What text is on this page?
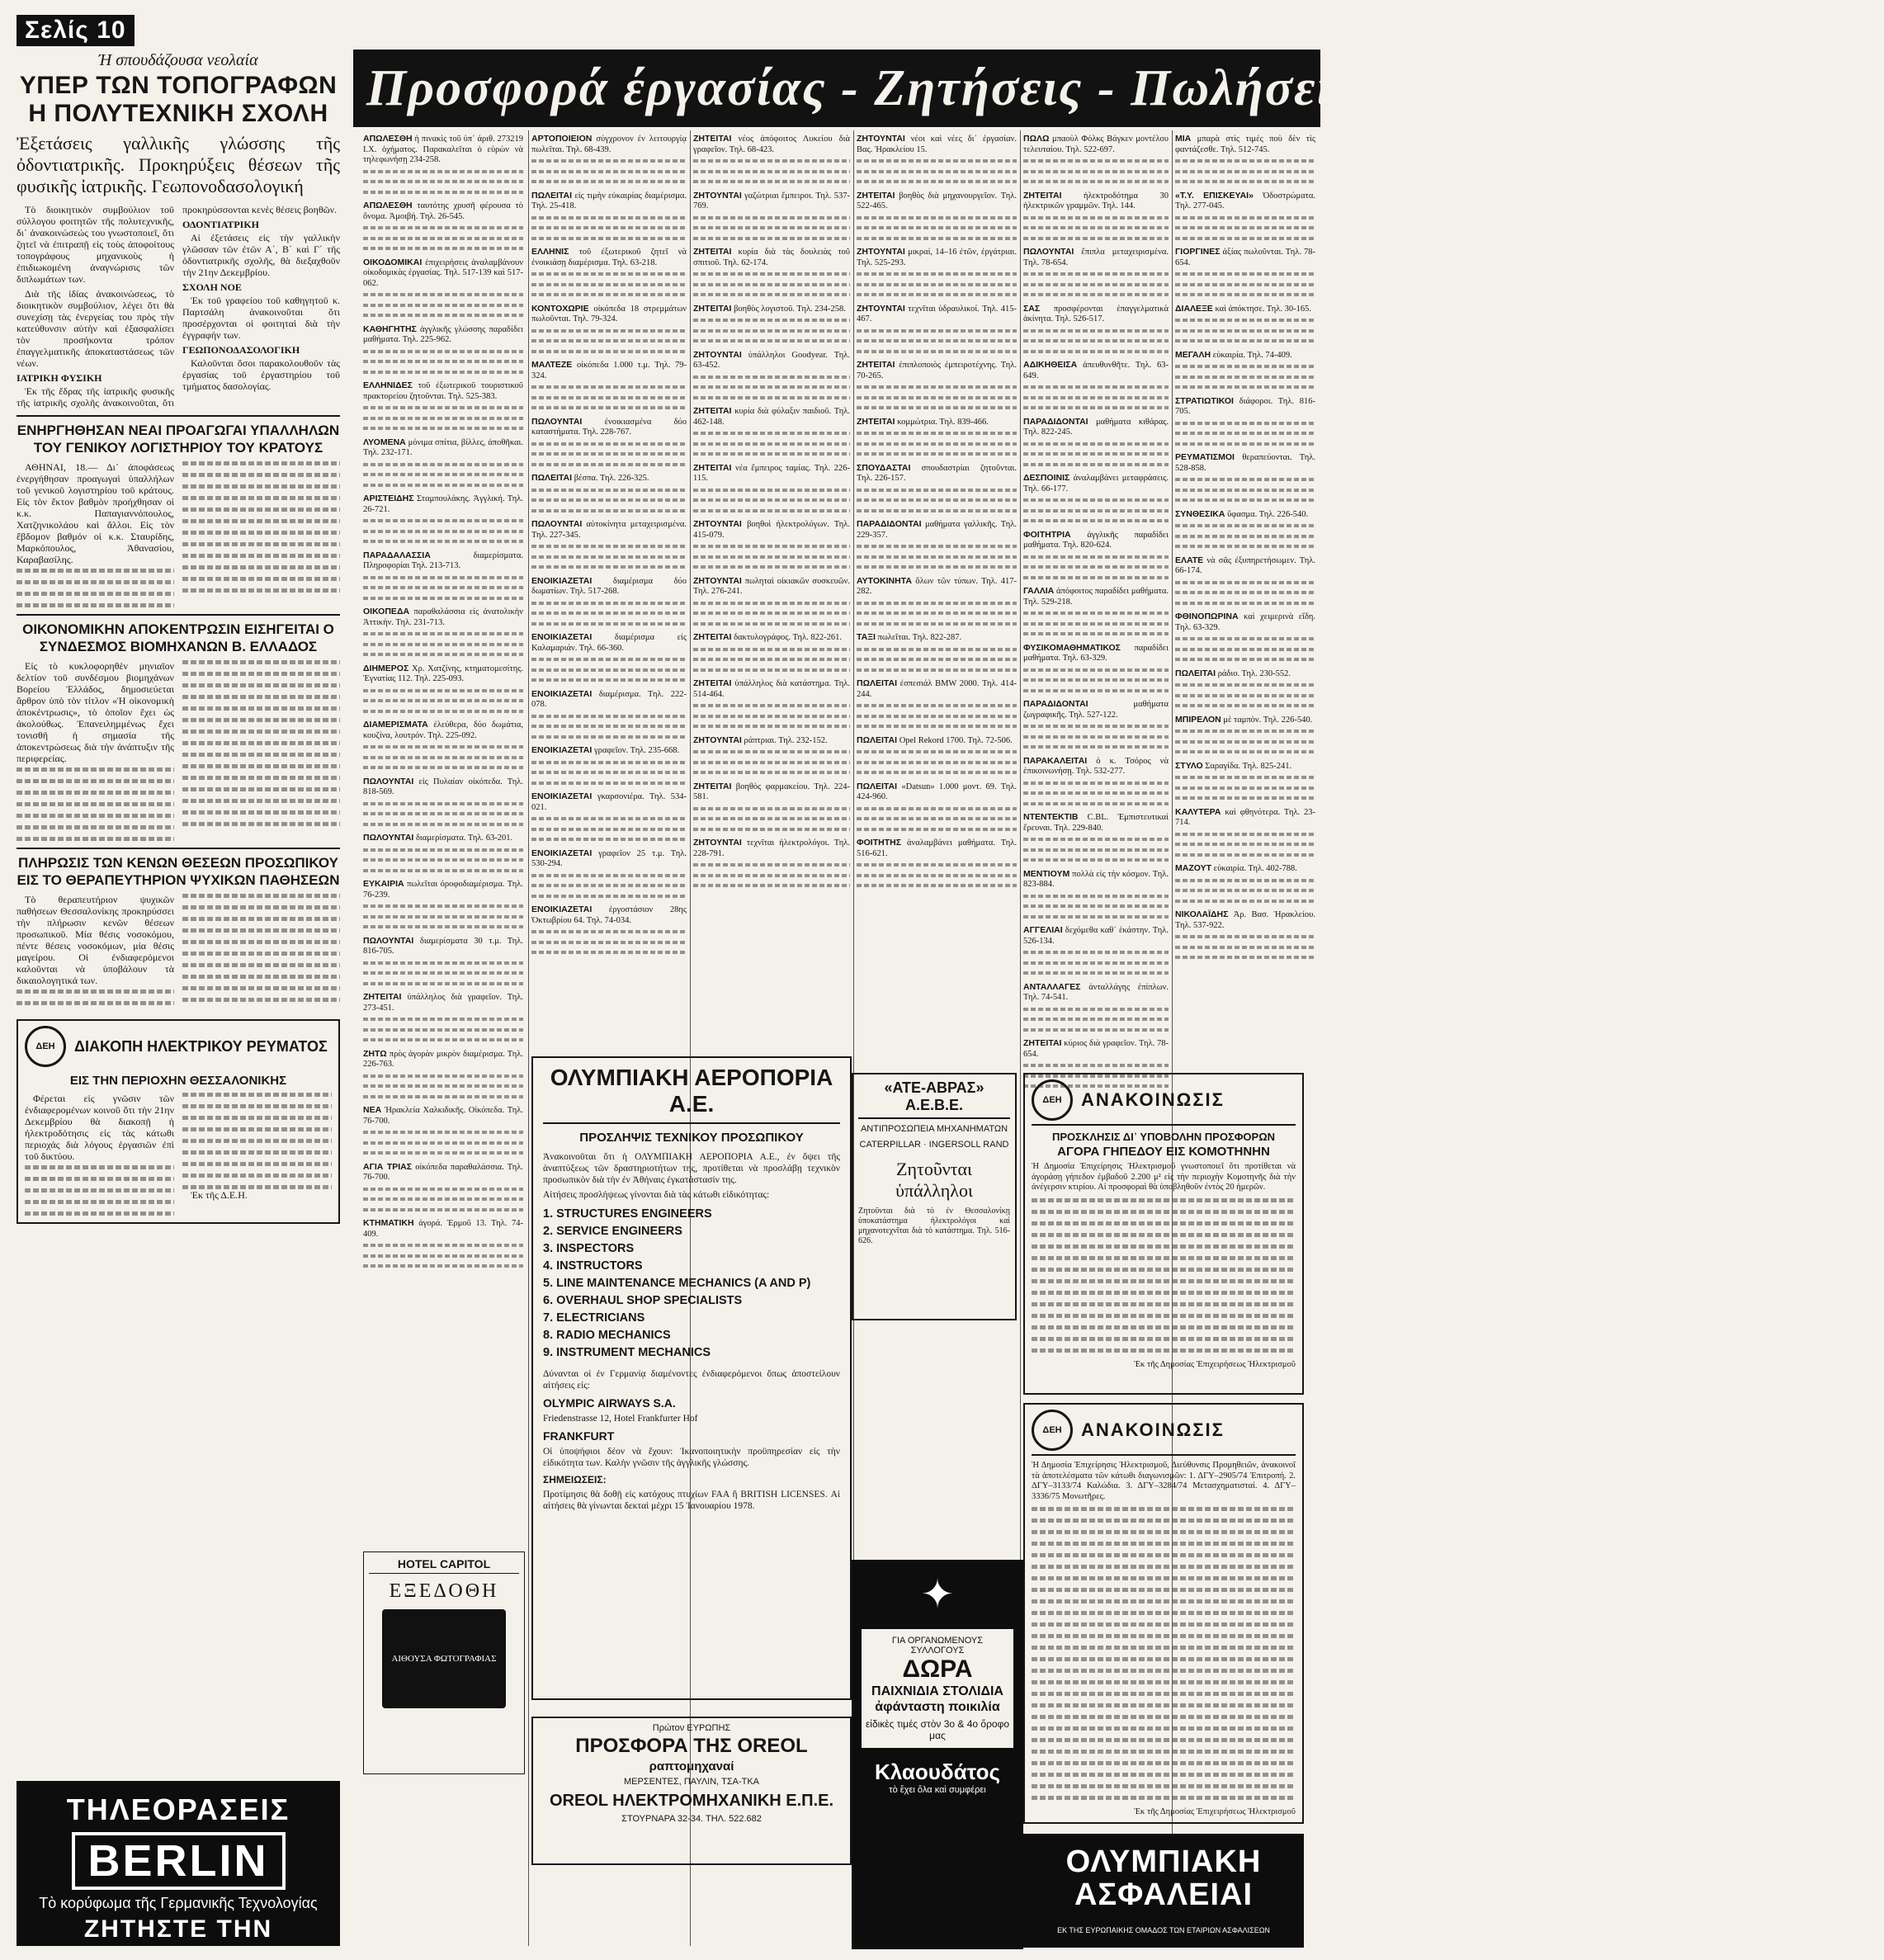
Σελίς 10
Ή σπουδάζουσα νεολαία
ΥΠΕΡ ΤΩΝ ΤΟΠΟΓΡΑΦΩΝ Η ΠΟΛΥΤΕΧΝΙΚΗ ΣΧΟΛΗ
Ἐξετάσεις γαλλικῆς γλώσσης τῆς ὀδοντιατρικῆς. Προκηρύξεις θέσεων τῆς φυσικῆς ἰατρικῆς. Γεωπονοδασολογική

Τὸ διοικητικὸν συμβούλιον τοῦ σύλλογου φοιτητῶν τῆς πολυτεχνικῆς, δι᾽ ἀνακοινώσεώς του γνωστοποιεῖ, ὅτι ζητεῖ νὰ ἐπιτραπῇ εἰς τοὺς ἀποφοίτους τοπογράφους μηχανικοὺς ἡ ἐπιδιωκομένη ἀναγνώρισις τῶν διπλωμάτων των.

Διὰ τῆς ἰδίας ἀνακοινώσεως, τὸ διοικητικὸν συμβούλιον, λέγει ὅτι θὰ συνεχίσῃ τὰς ἐνεργείας του πρὸς τὴν κατεύθυνσιν αὐτὴν καὶ ἐξασφαλίσει τὸν προσήκοντα τρόπον ἐπαγγελματικῆς ἀποκαταστάσεως τῶν νέων.

ΙΑΤΡΙΚΗ ΦΥΣΙΚΗ

Ἐκ τῆς ἕδρας τῆς ἰατρικῆς φυσικῆς τῆς ἰατρικῆς σχολῆς ἀνακοινοῦται, ὅτι προκηρύσσονται κενὲς θέσεις βοηθῶν.

ΟΔΟΝΤΙΑΤΡΙΚΗ

Αἱ ἐξετάσεις εἰς τὴν γαλλικὴν γλῶσσαν τῶν ἐτῶν Α΄, Β΄ καὶ Γ΄ τῆς ὀδοντιατρικῆς σχολῆς, θὰ διεξαχθοῦν τὴν 21ην Δεκεμβρίου.

ΣΧΟΛΗ ΝΟΕ

Ἐκ τοῦ γραφείου τοῦ καθηγητοῦ κ. Παρτσάλη ἀνακοινοῦται ὅτι προσέρχονται οἱ φοιτηταὶ διὰ τὴν ἐγγραφήν των.

ΓΕΩΠΟΝΟΔΑΣΟΛΟΓΙΚΗ

Καλοῦνται ὅσοι παρακολουθοῦν τὰς ἐργασίας τοῦ ἐργαστηρίου τοῦ τμήματος δασολογίας.

ΕΝΗΡΓΗΘΗΣΑΝ ΝΕΑΙ ΠΡΟΑΓΩΓΑΙ ΥΠΑΛΛΗΛΩΝ ΤΟΥ ΓΕΝΙΚΟΥ ΛΟΓΙΣΤΗΡΙΟΥ ΤΟΥ ΚΡΑΤΟΥΣ

ΑΘΗΝΑΙ, 18.— Δι᾽ ἀποφάσεως ἐνεργήθησαν προαγωγαὶ ὑπαλλήλων τοῦ γενικοῦ λογιστηρίου τοῦ κράτους. Εἰς τὸν ἕκτον βαθμὸν προήχθησαν οἱ κ.κ. Παπαγιαννόπουλος, Χατζηνικολάου καὶ ἄλλοι. Εἰς τὸν ἕβδομον βαθμόν οἱ κ.κ. Σταυρίδης, Μαρκόπουλος, Ἀθανασίου, Καραβασίλης.

ΟΙΚΟΝΟΜΙΚΗΝ ΑΠΟΚΕΝΤΡΩΣΙΝ ΕΙΣΗΓΕΙΤΑΙ Ο ΣΥΝΔΕΣΜΟΣ ΒΙΟΜΗΧΑΝΩΝ Β. ΕΛΛΑΔΟΣ

Εἰς τὸ κυκλοφορηθὲν μηνιαῖον δελτίον τοῦ συνδέσμου βιομηχάνων Βορείου Ἑλλάδος, δημοσιεύεται ἄρθρον ὑπὸ τὸν τίτλον «Ἡ οἰκονομικὴ ἀποκέντρωσις», τὸ ὁποῖον ἔχει ὡς ἀκολούθως. Ἐπανειλημμένως ἔχει τονισθῆ ἡ σημασία τῆς ἀποκεντρώσεως διὰ τὴν ἀνάπτυξιν τῆς περιφερείας.

ΠΛΗΡΩΣΙΣ ΤΩΝ ΚΕΝΩΝ ΘΕΣΕΩΝ ΠΡΟΣΩΠΙΚΟΥ ΕΙΣ ΤΟ ΘΕΡΑΠΕΥΤΗΡΙΟΝ ΨΥΧΙΚΩΝ ΠΑΘΗΣΕΩΝ

Τὸ θεραπευτήριον ψυχικῶν παθήσεων Θεσσαλονίκης προκηρύσσει τὴν πλήρωσιν κενῶν θέσεων προσωπικοῦ. Μία θέσις νοσοκόμου, πέντε θέσεις νοσοκόμων, μία θέσις μαγείρου. Οἱ ἐνδιαφερόμενοι καλοῦνται νὰ ὑποβάλουν τὰ δικαιολογητικά των.

ΔΕΗ	ΔΙΑΚΟΠΗ ΗΛΕΚΤΡΙΚΟΥ ΡΕΥΜΑΤΟΣ
ΕΙΣ ΤΗΝ ΠΕΡΙΟΧΗΝ ΘΕΣΣΑΛΟΝΙΚΗΣ

Φέρεται εἰς γνῶσιν τῶν ἐνδιαφερομένων κοινοῦ ὅτι τὴν 21ην Δεκεμβρίου θὰ διακοπῇ ἡ ἠλεκτροδότησις εἰς τὰς κάτωθι περιοχάς διὰ λόγους ἐργασιῶν ἐπὶ τοῦ δικτύου.

Ἐκ τῆς Δ.Ε.Η.

ΤΗΛΕΟΡΑΣΕΙΣ
BERLIN
Τὸ κορύφωμα τῆς Γερμανικῆς Τεχνολογίας
ΖΗΤΗΣΤΕ ΤΗΝ
Προσφορά έργασίας - Ζητήσεις - Πωλήσεις - Ένοικιάσεις - Αγοραί

ΑΠΩΛΕΣΘΗ ἡ πινακὶς τοῦ ὑπ᾽ ἀριθ. 273219 Ι.Χ. ὀχήματος. Παρακαλεῖται ὁ εὑρὼν νὰ τηλεφωνήσῃ 234-258.

ΑΠΩΛΕΣΘΗ ταυτότης χρυσῆ φέρουσα τὸ ὄνομα. Ἀμοιβή. Τηλ. 26-545.

ΟΙΚΟΔΟΜΙΚΑΙ ἐπιχειρήσεις ἀναλαμβάνουν οἰκοδομικὰς ἐργασίας. Τηλ. 517-139 καὶ 517-062.

ΚΑΘΗΓΗΤΗΣ ἀγγλικῆς γλώσσης παραδίδει μαθήματα. Τηλ. 225-962.

ΕΛΛΗΝΙΔΕΣ τοῦ ἐξωτερικοῦ τουριστικοῦ πρακτορείου ζητοῦνται. Τηλ. 525-383.

ΛΥΟΜΕΝΑ μόνιμα σπίτια, βίλλες, ἀποθῆκαι. Τηλ. 232-171.

ΑΡΙΣΤΕΙΔΗΣ Σταμπουλάκης. Ἀγγλική. Τηλ. 26-721.

ΠΑΡΑΔΑΛΑΣΣΙΑ	διαμερίσματα. Πληροφορίαι Τηλ. 213-713.

ΟΙΚΟΠΕΔΑ παραθαλάσσια εἰς ἀνατολικὴν Ἀττικήν. Τηλ. 231-713.

ΔΙΗΜΕΡΟΣ Χρ. Χατζίνης, κτηματομεσίτης. Ἐγνατίας 112. Τηλ. 225-093.

ΔΙΑΜΕΡΙΣΜΑΤΑ ἐλεύθερα, δύο δωμάτια, κουζίνα, λουτρόν. Τηλ. 225-092.

ΠΩΛΟΥΝΤΑΙ εἰς Πυλαίαν οἰκόπεδα. Τηλ. 818-569.

ΠΩΛΟΥΝΤΑΙ διαμερίσματα. Τηλ. 63-201.

ΕΥΚΑΙΡΙΑ πωλεῖται ὀροφοδιαμέρισμα. Τηλ. 76-239.

ΠΩΛΟΥΝΤΑΙ διαμερίσματα 30 τ.μ. Τηλ. 816-705.

ΖΗΤΕΙΤΑΙ ὑπάλληλος διὰ γραφεῖον. Τηλ. 273-451.

ΖΗΤΩ πρὸς ἀγορὰν μικρὸν διαμέρισμα. Τηλ. 226-763.

ΝΕΑ Ἡρακλεία Χαλκιδικῆς. Οἰκόπεδα. Τηλ. 76-700.

ΑΓΙΑ ΤΡΙΑΣ οἰκόπεδα παραθαλάσσια. Τηλ. 76-700.

ΚΤΗΜΑΤΙΚΗ ἀγορά. Ἑρμοῦ 13. Τηλ. 74-409.

ΑΡΤΟΠΟΙΕΙΟΝ σύγχρονον ἐν λειτουργίᾳ πωλεῖται. Τηλ. 68-439.

ΠΩΛΕΙΤΑΙ εἰς τιμὴν εὐκαιρίας διαμέρισμα. Τηλ. 25-418.

ΕΛΛΗΝΙΣ τοῦ ἐξωτερικοῦ ζητεῖ νὰ ἐνοικιάσῃ διαμέρισμα. Τηλ. 63-218.

ΚΟΝΤΟΧΩΡΙΕ οἰκόπεδα 18 στρεμμάτων πωλοῦνται. Τηλ. 79-324.

ΜΑΛΤΕΖΕ οἰκόπεδα 1.000 τ.μ. Τηλ. 79-324.

ΠΩΛΟΥΝΤΑΙ	ἐνοικιασμένα δύο καταστήματα. Τηλ. 228-767.

ΠΩΛΕΙΤΑΙ βέσπα. Τηλ. 226-325.

ΠΩΛΟΥΝΤΑΙ αὐτοκίνητα μεταχειρισμένα. Τηλ. 227-345.

ΕΝΟΙΚΙΑΖΕΤΑΙ διαμέρισμα δύο δωματίων. Τηλ. 517-268.

ΕΝΟΙΚΙΑΖΕΤΑΙ	διαμέρισμα εἰς Καλαμαριάν. Τηλ. 66-360.

ΕΝΟΙΚΙΑΖΕΤΑΙ διαμέρισμα. Τηλ. 222-078.

ΕΝΟΙΚΙΑΖΕΤΑΙ γραφεῖον. Τηλ. 235-668.

ΕΝΟΙΚΙΑΖΕΤΑΙ γκαρσονιέρα. Τηλ. 534-021.

ΕΝΟΙΚΙΑΖΕΤΑΙ γραφεῖον 25 τ.μ. Τηλ. 530-294.

ΕΝΟΙΚΙΑΖΕΤΑΙ ἐργοστάσιον 28ης Ὀκτωβρίου 64. Τηλ. 74-034.

ΖΗΤΕΙΤΑΙ νέος ἀπόφοιτος Λυκείου διὰ γραφεῖον. Τηλ. 68-423.

ΖΗΤΟΥΝΤΑΙ γαζώτριαι ἔμπειροι. Τηλ. 537-769.

ΖΗΤΕΙΤΑΙ κυρία διὰ τὰς δουλειὰς τοῦ σπιτιοῦ. Τηλ. 62-174.

ΖΗΤΕΙΤΑΙ βοηθὸς λογιστοῦ. Τηλ. 234-258.

ΖΗΤΟΥΝΤΑΙ ὑπάλληλοι Goodyear. Τηλ. 63-452.

ΖΗΤΕΙΤΑΙ κυρία διὰ φύλαξιν παιδιοῦ. Τηλ. 462-148.

ΖΗΤΕΙΤΑΙ νέα ἔμπειρος ταμίας. Τηλ. 226-115.

ΖΗΤΟΥΝΤΑΙ βοηθοὶ ἠλεκτρολόγων. Τηλ. 415-079.

ΖΗΤΟΥΝΤΑΙ πωληταὶ οἰκιακῶν συσκευῶν. Τηλ. 276-241.

ΖΗΤΕΙΤΑΙ δακτυλογράφος. Τηλ. 822-261.

ΖΗΤΕΙΤΑΙ ὑπάλληλος διὰ κατάστημα. Τηλ. 514-464.

ΖΗΤΟΥΝΤΑΙ ράπτριαι. Τηλ. 232-152.

ΖΗΤΕΙΤΑΙ βοηθὸς φαρμακείου. Τηλ. 224-581.

ΖΗΤΟΥΝΤΑΙ τεχνῖται ἠλεκτρολόγοι. Τηλ. 228-791.

ΖΗΤΟΥΝΤΑΙ νέοι καὶ νέες δι᾽ ἐργασίαν. Βας. Ἡρακλείου 15.

ΖΗΤΕΙΤΑΙ βοηθὸς διὰ μηχανουργεῖον. Τηλ. 522-465.

ΖΗΤΟΥΝΤΑΙ μικραί, 14–16 ἐτῶν, ἐργάτριαι. Τηλ. 525-293.

ΖΗΤΟΥΝΤΑΙ τεχνῖται ὑδραυλικοί. Τηλ. 415-467.

ΖΗΤΕΙΤΑΙ ἐπιπλοποιὸς ἐμπειροτέχνης. Τηλ. 70-265.

ΖΗΤΕΙΤΑΙ κομμώτρια. Τηλ. 839-466.

ΣΠΟΥΔΑΣΤΑΙ σπουδαστρίαι ζητοῦνται. Τηλ. 226-157.

ΠΑΡΑΔΙΔΟΝΤΑΙ μαθήματα γαλλικῆς. Τηλ. 229-357.

ΑΥΤΟΚΙΝΗΤΑ ὅλων τῶν τύπων. Τηλ. 417-282.

ΤΑΞΙ πωλεῖται. Τηλ. 822-287.

ΠΩΛΕΙΤΑΙ ἐσπεσιάλ BMW 2000. Τηλ. 414-244.

ΠΩΛΕΙΤΑΙ Opel Rekord 1700. Τηλ. 72-506.

ΠΩΛΕΙΤΑΙ «Datsun» 1.000 μοντ. 69. Τηλ. 424-960.

ΦΟΙΤΗΤΗΣ ἀναλαμβάνει μαθήματα. Τηλ. 516-621.

ΠΩΛΩ μπαοὺλ Φόλκς Βάγκεν μοντέλου τελευταίου. Τηλ. 522-697.

ΖΗΤΕΙΤΑΙ	ἠλεκτροδότημα 30 ἠλεκτρικῶν γραμμῶν. Τηλ. 144.

ΠΩΛΟΥΝΤΑΙ ἔπιπλα μεταχειρισμένα. Τηλ. 78-654.

ΣΑΣ προσφέρονται ἐπαγγελματικὰ ἀκίνητα. Τηλ. 526-517.

ΑΔΙΚΗΘΕΙΣΑ ἀπευθυνθῆτε. Τηλ. 63-649.

ΠΑΡΑΔΙΔΟΝΤΑΙ μαθήματα κιθάρας. Τηλ. 822-245.

ΔΕΣΠΟΙΝΙΣ ἀναλαμβάνει μεταφράσεις. Τηλ. 66-177.

ΦΟΙΤΗΤΡΙΑ ἀγγλικῆς παραδίδει μαθήματα. Τηλ. 820-624.

ΓΑΛΛΙΑ ἀπόφοιτος παραδίδει μαθήματα. Τηλ. 529-218.

ΦΥΣΙΚΟΜΑΘΗΜΑΤΙΚΟΣ παραδίδει μαθήματα. Τηλ. 63-329.

ΠΑΡΑΔΙΔΟΝΤΑΙ	μαθήματα ζωγραφικῆς. Τηλ. 527-122.

ΠΑΡΑΚΑΛΕΙΤΑΙ ὁ κ. Τσόρος νὰ ἐπικοινωνήσῃ. Τηλ. 532-277.

ΝΤΕΝΤΕΚΤΙΒ C.BL. Ἐμπιστευτικαὶ ἔρευναι. Τηλ. 229-840.

ΜΕΝΤΙΟΥΜ πολλὰ εἰς τὴν κόσμον. Τηλ. 823-884.

ΑΓΓΕΛΙΑΙ δεχόμεθα καθ᾽ ἑκάστην. Τηλ. 526-134.

ΑΝΤΑΛΛΑΓΕΣ ἀνταλλάγης ἐπίπλων. Τηλ. 74-541.

ΖΗΤΕΙΤΑΙ κύριος διὰ γραφεῖον. Τηλ. 78-654.

ΜΙΑ μπαρὰ στὶς τιμές ποὺ δὲν τὶς φαντάζεσθε. Τηλ. 512-745.

«Τ.Υ. ΕΠΙΣΚΕΥΑΙ» Ὀδοστρώματα. Τηλ. 277-045.

ΓΙΟΡΓΙΝΕΣ ἀξίας πωλοῦνται. Τηλ. 78-654.

ΔΙΑΛΕΞΕ καὶ ἀπόκτησε. Τηλ. 30-165.

ΜΕΓΑΛΗ εὐκαιρία. Τηλ. 74-409.

ΣΤΡΑΤΙΩΤΙΚΟΙ διάφοροι. Τηλ. 816-705.

ΡΕΥΜΑΤΙΣΜΟΙ θεραπεύονται. Τηλ. 528-858.

ΣΥΝΘΕΣΙΚΑ ὕφασμα. Τηλ. 226-540.

ΕΛΑΤΕ νὰ σᾶς ἐξυπηρετήσωμεν. Τηλ. 66-174.

ΦΘΙΝΟΠΩΡΙΝΑ καὶ χειμερινὰ εἴδη. Τηλ. 63-329.

ΠΩΛΕΙΤΑΙ ράδιο. Τηλ. 230-552.

ΜΠΙΡΕΛΟΝ μὲ ταμπὸν. Τηλ. 226-540.

ΣΤΥΛΟ Σαραγίδα. Τηλ. 825-241.

ΚΑΛΥΤΕΡΑ καὶ φθηνότερα. Τηλ. 23-714.

ΜΑΖΟΥΤ εὐκαιρία. Τηλ. 402-788.

ΝΙΚΟΛΑΪΔΗΣ Ἀρ. Βασ. Ἡρακλείου. Τηλ. 537-922.

ΟΛΥΜΠΙΑΚΗ ΑΕΡΟΠΟΡΙΑ Α.Ε.
ΠΡΟΣΛΗΨΙΣ ΤΕΧΝΙΚΟΥ ΠΡΟΣΩΠΙΚΟΥ
Ἀνακοινοῦται ὅτι ἡ ΟΛΥΜΠΙΑΚΗ ΑΕΡΟΠΟΡΙΑ Α.Ε., ἐν ὄψει τῆς ἀναπτύξεως τῶν δραστηριοτήτων της, προτίθεται νὰ προσλάβῃ τεχνικὸν προσωπικὸν διὰ τὴν ἐν Ἀθήναις ἐγκατάστασίν της.
Αἰτήσεις προσλήψεως γίνονται διὰ τὰς κάτωθι εἰδικότητας:
1. STRUCTURES ENGINEERS
2. SERVICE ENGINEERS
3. INSPECTORS
4. INSTRUCTORS
5. LINE MAINTENANCE MECHANICS (A AND P)
6. OVERHAUL SHOP SPECIALISTS
7. ELECTRICIANS
8. RADIO MECHANICS
9. INSTRUMENT MECHANICS
Δύνανται οἱ ἐν Γερμανίᾳ διαμένοντες ἐνδιαφερόμενοι ὅπως ἀποστείλουν αἰτήσεις εἰς:
OLYMPIC AIRWAYS S.A.
Friedenstrasse 12, Hotel Frankfurter Hof
FRANKFURT
Οἱ ὑποψήφιοι δέον νὰ ἔχουν: Ἱκανοποιητικὴν προϋπηρεσίαν εἰς τὴν εἰδικότητα των. Καλὴν γνῶσιν τῆς ἀγγλικῆς γλώσσης.
ΣΗΜΕΙΩΣΕΙΣ:
Προτίμησις θὰ δοθῇ εἰς κατόχους πτυχίων FAA ἢ BRITISH LICENSES. Αἱ αἰτήσεις θὰ γίνωνται δεκταὶ μέχρι 15 Ἰανουαρίου 1978.
«ΑΤΕ-ΑΒΡΑΣ» Α.Ε.Β.Ε.
ΑΝΤΙΠΡΟΣΩΠΕΙΑ ΜΗΧΑΝΗΜΑΤΩΝ
CATERPILLAR · INGERSOLL RAND
Ζητοῦνται ὑπάλληλοι
Ζητοῦνται διὰ τὸ ἐν Θεσσαλονίκῃ ὑποκατάστημα ἠλεκτρολόγοι καὶ μηχανοτεχνῖται διὰ τὸ κατάστημα. Τηλ. 516-626.
HOTEL CAPITOL
ΕΞΕΔΟΘΗ
ΑΙΘΟΥΣΑ ΦΩΤΟΓΡΑΦΙΑΣ
Πρώτον ΕΥΡΩΠΗΣ
ΠΡΟΣΦΟΡΑ ΤΗΣ OREOL
ραπτομηχαναί
ΜΕΡΣΕΝΤΕΣ, ΠΑΥΛΙΝ, ΤΣΑ-ΤΚΑ
OREOL ΗΛΕΚΤΡΟΜΗΧΑΝΙΚΗ Ε.Π.Ε.
ΣΤΟΥΡΝΑΡΑ 32-34. ΤΗΛ. 522.682
✦
ΓΙΑ ΟΡΓΑΝΩΜΕΝΟΥΣ ΣΥΛΛΟΓΟΥΣ
ΔΩΡΑ
ΠΑΙΧΝΙΔΙΑ ΣΤΟΛΙΔΙΑ ἀφάνταστη ποικιλία
εἰδικὲς τιμές στὸν 3ο & 4ο ὄροφο μας
Κλαουδάτος
τὸ ἔχει ὅλα καὶ συμφέρει
ΔΕΗ	ΑΝΑΚΟΙΝΩΣΙΣ
ΠΡΟΣΚΛΗΣΙΣ ΔΙ᾽ ΥΠΟΒΟΛΗΝ ΠΡΟΣΦΟΡΩΝ
ΑΓΟΡΑ ΓΗΠΕΔΟΥ ΕΙΣ ΚΟΜΟΤΗΝΗΝ
Ἡ Δημοσία Ἐπιχείρησις Ἠλεκτρισμοῦ γνωστοποιεῖ ὅτι προτίθεται νὰ ἀγοράσῃ γήπεδον ἐμβαδοῦ 2.200 μ² εἰς τὴν περιοχὴν Κομοτηνῆς διὰ τὴν ἀνέγερσιν κτιρίου. Αἱ προσφοραὶ θὰ ὑποβληθοῦν ἐντὸς 20 ἡμερῶν.
Ἐκ τῆς Δημοσίας Ἐπιχειρήσεως Ἠλεκτρισμοῦ
ΔΕΗ	ΑΝΑΚΟΙΝΩΣΙΣ
Ἡ Δημοσία Ἐπιχείρησις Ἠλεκτρισμοῦ, Διεύθυνσις Προμηθειῶν, ἀνακοινοῖ τὰ ἀποτελέσματα τῶν κάτωθι διαγωνισμῶν: 1. ΔΓΥ–2905/74 Ἐπιτροπή. 2. ΔΓΥ–3133/74 Καλώδια. 3. ΔΓΥ–3284/74 Μετασχηματισταί. 4. ΔΓΥ–3336/75 Μονωτῆρες.
Ἐκ τῆς Δημοσίας Ἐπιχειρήσεως Ἠλεκτρισμοῦ
ΟΛΥΜΠΙΑΚΗ ΑΣΦΑΛΕΙΑΙ
ΕΚ ΤΗΣ ΕΥΡΩΠΑΙΚΗΣ ΟΜΑΔΟΣ ΤΩΝ ΕΤΑΙΡΙΩΝ ΑΣΦΑΛΙΣΕΩΝ
